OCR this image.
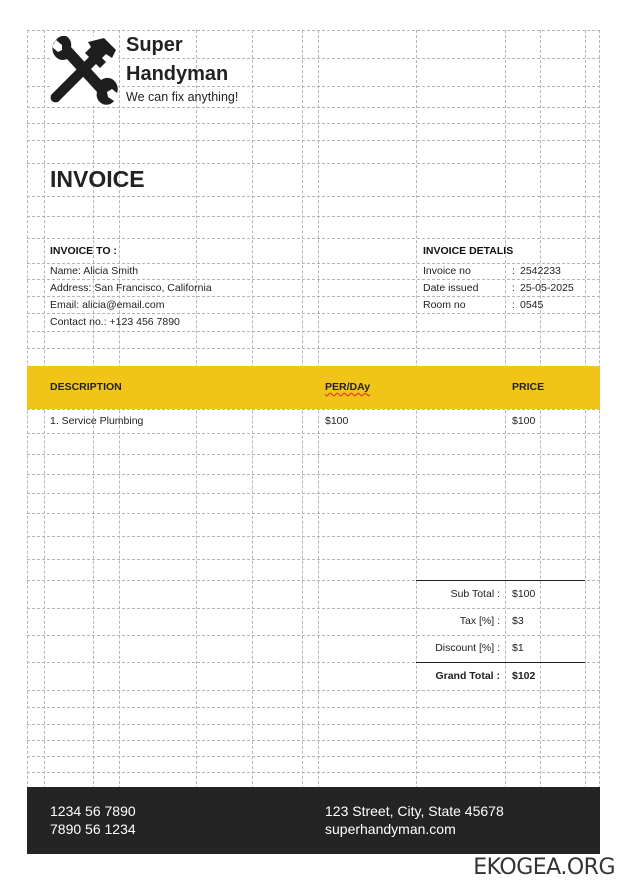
Super
Handyman
We can fix anything!
INVOICE
INVOICE TO :
Name: Alicia Smith
Address: San Francisco, California
Email: alicia@email.com
Contact no.: +123 456 7890
INVOICE DETALIS
Invoice no	: 2542233
Date issued	: 25-05-2025
Room no	: 0545
DESCRIPTION	PER/DAy	PRICE
1. Service Plumbing	$100	$100
Sub Total : $100
Tax [%] : $3
Discount [%] : $1
Grand Total : $102
1234 56 7890
7890 56 1234
123 Street, City, State 45678
superhandyman.com
EKOGEA.ORG
